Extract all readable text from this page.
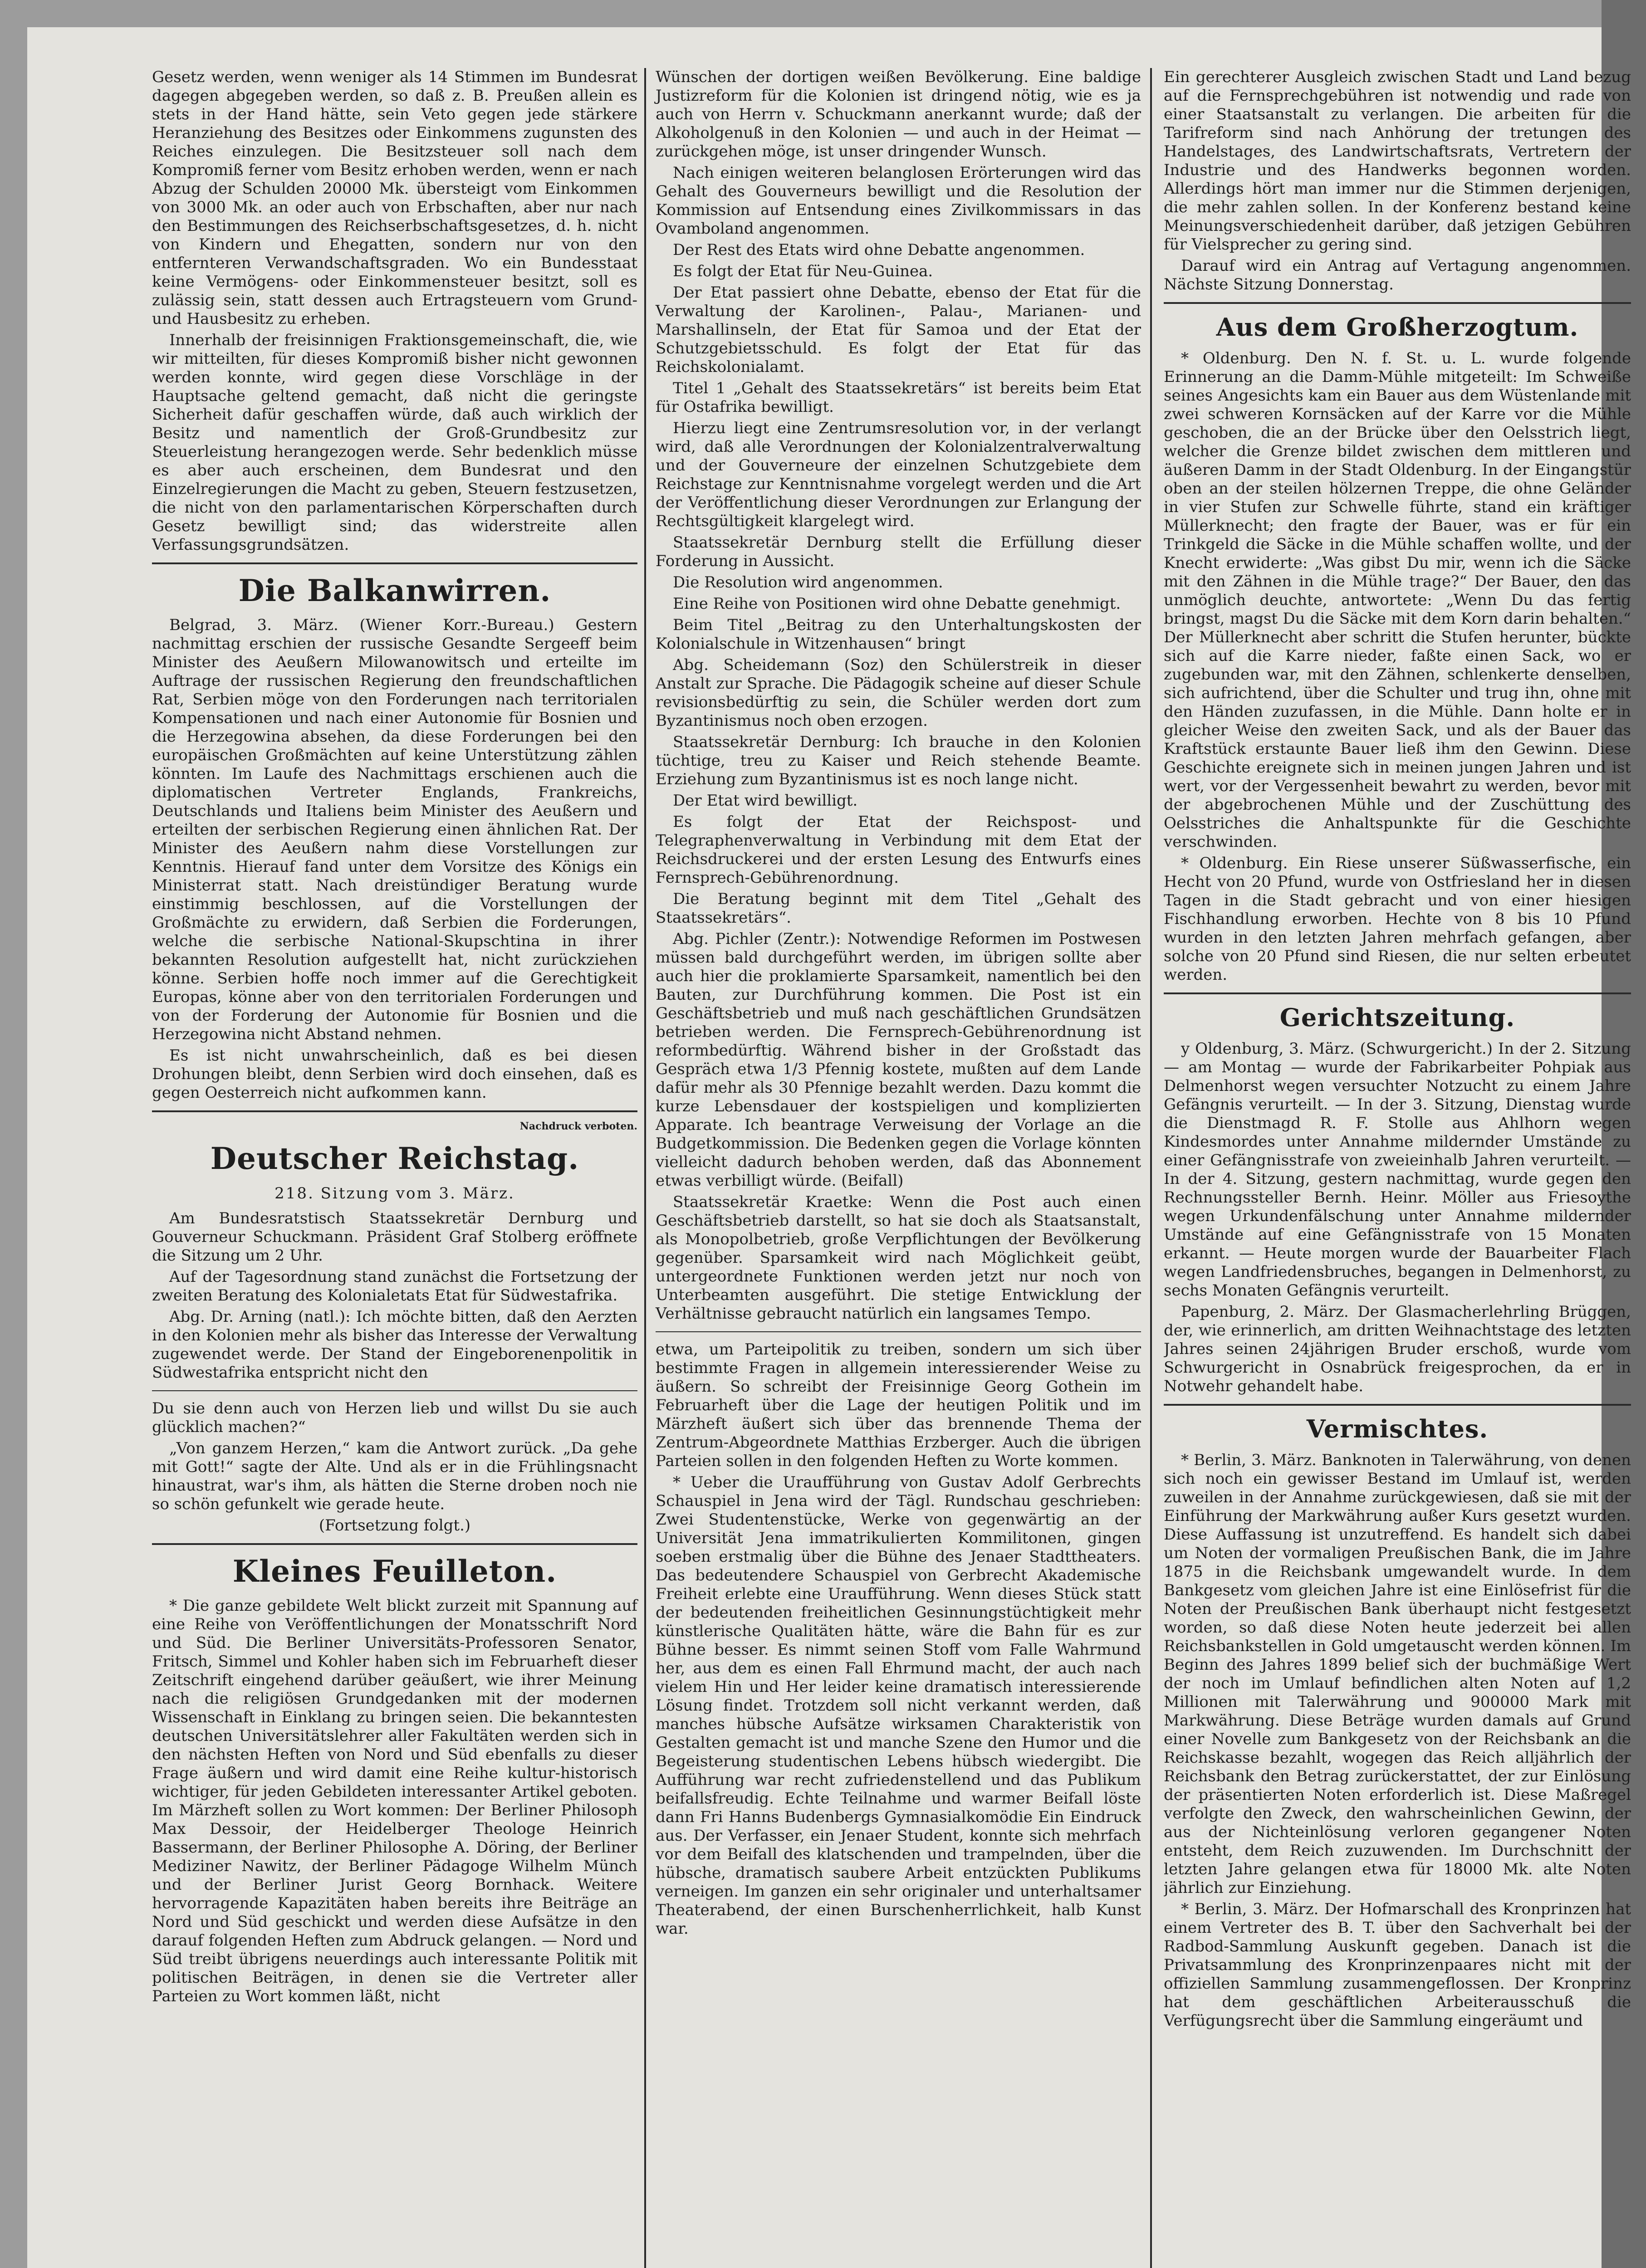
Gesetz werden, wenn weniger als 14 Stimmen im Bundesrat dagegen abgegeben werden, so daß z. B. Preußen allein es stets in der Hand hätte, sein Veto gegen jede stärkere Heranziehung des Besitzes oder Einkommens zugunsten des Reiches einzulegen. Die Besitzsteuer soll nach dem Kompromiß ferner vom Besitz erhoben werden, wenn er nach Abzug der Schulden 20000 Mk. übersteigt vom Einkommen von 3000 Mk. an oder auch von Erbschaften, aber nur nach den Bestimmungen des Reichserbschaftsgesetzes, d. h. nicht von Kindern und Ehegatten, sondern nur von den entfernteren Verwandschaftsgraden. Wo ein Bundesstaat keine Vermögens- oder Einkommensteuer besitzt, soll es zulässig sein, statt dessen auch Ertragsteuern vom Grund- und Hausbesitz zu erheben.

Innerhalb der freisinnigen Fraktionsgemeinschaft, die, wie wir mitteilten, für dieses Kompromiß bisher nicht gewonnen werden konnte, wird gegen diese Vorschläge in der Hauptsache geltend gemacht, daß nicht die geringste Sicherheit dafür geschaffen würde, daß auch wirklich der Besitz und namentlich der Groß-Grundbesitz zur Steuerleistung herangezogen werde. Sehr bedenklich müsse es aber auch erscheinen, dem Bundesrat und den Einzelregierungen die Macht zu geben, Steuern festzusetzen, die nicht von den parlamentarischen Körperschaften durch Gesetz bewilligt sind; das widerstreite allen Verfassungsgrundsätzen.

Die Balkanwirren.

Belgrad, 3. März. (Wiener Korr.-Bureau.) Gestern nachmittag erschien der russische Gesandte Sergeeff beim Minister des Aeußern Milowanowitsch und erteilte im Auftrage der russischen Regierung den freundschaftlichen Rat, Serbien möge von den Forderungen nach territorialen Kompensationen und nach einer Autonomie für Bosnien und die Herzegowina absehen, da diese Forderungen bei den europäischen Großmächten auf keine Unterstützung zählen könnten. Im Laufe des Nachmittags erschienen auch die diplomatischen Vertreter Englands, Frankreichs, Deutschlands und Italiens beim Minister des Aeußern und erteilten der serbischen Regierung einen ähnlichen Rat. Der Minister des Aeußern nahm diese Vorstellungen zur Kenntnis. Hierauf fand unter dem Vorsitze des Königs ein Ministerrat statt. Nach dreistündiger Beratung wurde einstimmig beschlossen, auf die Vorstellungen der Großmächte zu erwidern, daß Serbien die Forderungen, welche die serbische National-Skupschtina in ihrer bekannten Resolution aufgestellt hat, nicht zurückziehen könne. Serbien hoffe noch immer auf die Gerechtigkeit Europas, könne aber von den territorialen Forderungen und von der Forderung der Autonomie für Bosnien und die Herzegowina nicht Abstand nehmen.

Es ist nicht unwahrscheinlich, daß es bei diesen Drohungen bleibt, denn Serbien wird doch einsehen, daß es gegen Oesterreich nicht aufkommen kann.

Nachdruck verboten.
Deutscher Reichstag.
218. Sitzung vom 3. März.

Am Bundesratstisch Staatssekretär Dernburg und Gouverneur Schuckmann. Präsident Graf Stolberg eröffnete die Sitzung um 2 Uhr.

Auf der Tagesordnung stand zunächst die Fortsetzung der zweiten Beratung des Kolonialetats Etat für Südwestafrika.

Abg. Dr. Arning (natl.): Ich möchte bitten, daß den Aerzten in den Kolonien mehr als bisher das Interesse der Verwaltung zugewendet werde. Der Stand der Eingeborenenpolitik in Südwestafrika entspricht nicht den

Du sie denn auch von Herzen lieb und willst Du sie auch glücklich machen?“

„Von ganzem Herzen,“ kam die Antwort zurück. „Da gehe mit Gott!“ sagte der Alte. Und als er in die Frühlingsnacht hinaustrat, war's ihm, als hätten die Sterne droben noch nie so schön gefunkelt wie gerade heute.

(Fortsetzung folgt.)

Kleines Feuilleton.

* Die ganze gebildete Welt blickt zurzeit mit Spannung auf eine Reihe von Veröffentlichungen der Monatsschrift Nord und Süd. Die Berliner Universitäts-Professoren Senator, Fritsch, Simmel und Kohler haben sich im Februarheft dieser Zeitschrift eingehend darüber geäußert, wie ihrer Meinung nach die religiösen Grundgedanken mit der modernen Wissenschaft in Einklang zu bringen seien. Die bekanntesten deutschen Universitätslehrer aller Fakultäten werden sich in den nächsten Heften von Nord und Süd ebenfalls zu dieser Frage äußern und wird damit eine Reihe kultur-historisch wichtiger, für jeden Gebildeten interessanter Artikel geboten. Im Märzheft sollen zu Wort kommen: Der Berliner Philosoph Max Dessoir, der Heidelberger Theologe Heinrich Bassermann, der Berliner Philosophe A. Döring, der Berliner Mediziner Nawitz, der Berliner Pädagoge Wilhelm Münch und der Berliner Jurist Georg Bornhack. Weitere hervorragende Kapazitäten haben bereits ihre Beiträge an Nord und Süd geschickt und werden diese Aufsätze in den darauf folgenden Heften zum Abdruck gelangen. — Nord und Süd treibt übrigens neuerdings auch interessante Politik mit politischen Beiträgen, in denen sie die Vertreter aller Parteien zu Wort kommen läßt, nicht

Wünschen der dortigen weißen Bevölkerung. Eine baldige Justizreform für die Kolonien ist dringend nötig, wie es ja auch von Herrn v. Schuckmann anerkannt wurde; daß der Alkoholgenuß in den Kolonien — und auch in der Heimat — zurückgehen möge, ist unser dringender Wunsch.

Nach einigen weiteren belanglosen Erörterungen wird das Gehalt des Gouverneurs bewilligt und die Resolution der Kommission auf Entsendung eines Zivilkommissars in das Ovamboland angenommen.

Der Rest des Etats wird ohne Debatte angenommen.

Es folgt der Etat für Neu-Guinea.

Der Etat passiert ohne Debatte, ebenso der Etat für die Verwaltung der Karolinen-, Palau-, Marianen- und Marshallinseln, der Etat für Samoa und der Etat der Schutzgebietsschuld. Es folgt der Etat für das Reichskolonialamt.

Titel 1 „Gehalt des Staatssekretärs“ ist bereits beim Etat für Ostafrika bewilligt.

Hierzu liegt eine Zentrumsresolution vor, in der verlangt wird, daß alle Verordnungen der Kolonialzentralverwaltung und der Gouverneure der einzelnen Schutzgebiete dem Reichstage zur Kenntnisnahme vorgelegt werden und die Art der Veröffentlichung dieser Verordnungen zur Erlangung der Rechtsgültigkeit klargelegt wird.

Staatssekretär Dernburg stellt die Erfüllung dieser Forderung in Aussicht.

Die Resolution wird angenommen.

Eine Reihe von Positionen wird ohne Debatte genehmigt.

Beim Titel „Beitrag zu den Unterhaltungskosten der Kolonialschule in Witzenhausen“ bringt

Abg. Scheidemann (Soz) den Schülerstreik in dieser Anstalt zur Sprache. Die Pädagogik scheine auf dieser Schule revisionsbedürftig zu sein, die Schüler werden dort zum Byzantinismus noch oben erzogen.

Staatssekretär Dernburg: Ich brauche in den Kolonien tüchtige, treu zu Kaiser und Reich stehende Beamte. Erziehung zum Byzantinismus ist es noch lange nicht.

Der Etat wird bewilligt.

Es folgt der Etat der Reichspost- und Telegraphenverwaltung in Verbindung mit dem Etat der Reichsdruckerei und der ersten Lesung des Entwurfs eines Fernsprech-Gebührenordnung.

Die Beratung beginnt mit dem Titel „Gehalt des Staatssekretärs“.

Abg. Pichler (Zentr.): Notwendige Reformen im Postwesen müssen bald durchgeführt werden, im übrigen sollte aber auch hier die proklamierte Sparsamkeit, namentlich bei den Bauten, zur Durchführung kommen. Die Post ist ein Geschäftsbetrieb und muß nach geschäftlichen Grundsätzen betrieben werden. Die Fernsprech-Gebührenordnung ist reformbedürftig. Während bisher in der Großstadt das Gespräch etwa 1/3 Pfennig kostete, mußten auf dem Lande dafür mehr als 30 Pfennige bezahlt werden. Dazu kommt die kurze Lebensdauer der kostspieligen und komplizierten Apparate. Ich beantrage Verweisung der Vorlage an die Budgetkommission. Die Bedenken gegen die Vorlage könnten vielleicht dadurch behoben werden, daß das Abonnement etwas verbilligt würde. (Beifall)

Staatssekretär Kraetke: Wenn die Post auch einen Geschäftsbetrieb darstellt, so hat sie doch als Staatsanstalt, als Monopolbetrieb, große Verpflichtungen der Bevölkerung gegenüber. Sparsamkeit wird nach Möglichkeit geübt, untergeordnete Funktionen werden jetzt nur noch von Unterbeamten ausgeführt. Die stetige Entwicklung der Verhältnisse gebraucht natürlich ein langsames Tempo.

etwa, um Parteipolitik zu treiben, sondern um sich über bestimmte Fragen in allgemein interessierender Weise zu äußern. So schreibt der Freisinnige Georg Gothein im Februarheft über die Lage der heutigen Politik und im Märzheft äußert sich über das brennende Thema der Zentrum-Abgeordnete Matthias Erzberger. Auch die übrigen Parteien sollen in den folgenden Heften zu Worte kommen.

* Ueber die Uraufführung von Gustav Adolf Gerbrechts Schauspiel in Jena wird der Tägl. Rundschau geschrieben: Zwei Studentenstücke, Werke von gegenwärtig an der Universität Jena immatrikulierten Kommilitonen, gingen soeben erstmalig über die Bühne des Jenaer Stadttheaters. Das bedeutendere Schauspiel von Gerbrecht Akademische Freiheit erlebte eine Uraufführung. Wenn dieses Stück statt der bedeutenden freiheitlichen Gesinnungstüchtigkeit mehr künstlerische Qualitäten hätte, wäre die Bahn für es zur Bühne besser. Es nimmt seinen Stoff vom Falle Wahrmund her, aus dem es einen Fall Ehrmund macht, der auch nach vielem Hin und Her leider keine dramatisch interessierende Lösung findet. Trotzdem soll nicht verkannt werden, daß manches hübsche Aufsätze wirksamen Charakteristik von Gestalten gemacht ist und manche Szene den Humor und die Begeisterung studentischen Lebens hübsch wiedergibt. Die Aufführung war recht zufriedenstellend und das Publikum beifallsfreudig. Echte Teilnahme und warmer Beifall löste dann Fri Hanns Budenbergs Gymnasialkomödie Ein Eindruck aus. Der Verfasser, ein Jenaer Student, konnte sich mehrfach vor dem Beifall des klatschenden und trampelnden, über die hübsche, dramatisch saubere Arbeit entzückten Publikums verneigen. Im ganzen ein sehr originaler und unterhaltsamer Theaterabend, der einen Burschenherrlichkeit, halb Kunst war.

Ein gerechterer Ausgleich zwischen Stadt und Land bezug auf die Fernsprechgebühren ist notwendig und rade von einer Staatsanstalt zu verlangen. Die arbeiten für die Tarifreform sind nach Anhörung der tretungen des Handelstages, des Landwirtschaftsrats, Vertretern der Industrie und des Handwerks begonnen worden. Allerdings hört man immer nur die Stimmen derjenigen, die mehr zahlen sollen. In der Konferenz bestand keine Meinungsverschiedenheit darüber, daß jetzigen Gebühren für Vielsprecher zu gering sind.

Darauf wird ein Antrag auf Vertagung angenommen. Nächste Sitzung Donnerstag.

Aus dem Großherzogtum.

* Oldenburg. Den N. f. St. u. L. wurde folgende Erinnerung an die Damm-Mühle mitgeteilt: Im Schweiße seines Angesichts kam ein Bauer aus dem Wüstenlande mit zwei schweren Kornsäcken auf der Karre vor die Mühle geschoben, die an der Brücke über den Oelsstrich liegt, welcher die Grenze bildet zwischen dem mittleren und äußeren Damm in der Stadt Oldenburg. In der Eingangstür oben an der steilen hölzernen Treppe, die ohne Geländer in vier Stufen zur Schwelle führte, stand ein kräftiger Müllerknecht; den fragte der Bauer, was er für ein Trinkgeld die Säcke in die Mühle schaffen wollte, und der Knecht erwiderte: „Was gibst Du mir, wenn ich die Säcke mit den Zähnen in die Mühle trage?“ Der Bauer, den das unmöglich deuchte, antwortete: „Wenn Du das fertig bringst, magst Du die Säcke mit dem Korn darin behalten.“ Der Müllerknecht aber schritt die Stufen herunter, bückte sich auf die Karre nieder, faßte einen Sack, wo er zugebunden war, mit den Zähnen, schlenkerte denselben, sich aufrichtend, über die Schulter und trug ihn, ohne mit den Händen zuzufassen, in die Mühle. Dann holte er in gleicher Weise den zweiten Sack, und als der Bauer das Kraftstück erstaunte Bauer ließ ihm den Gewinn. Diese Geschichte ereignete sich in meinen jungen Jahren und ist wert, vor der Vergessenheit bewahrt zu werden, bevor mit der abgebrochenen Mühle und der Zuschüttung des Oelsstriches die Anhaltspunkte für die Geschichte verschwinden.

* Oldenburg. Ein Riese unserer Süßwasserfische, ein Hecht von 20 Pfund, wurde von Ostfriesland her in diesen Tagen in die Stadt gebracht und von einer hiesigen Fischhandlung erworben. Hechte von 8 bis 10 Pfund wurden in den letzten Jahren mehrfach gefangen, aber solche von 20 Pfund sind Riesen, die nur selten erbeutet werden.

Gerichtszeitung.

y Oldenburg, 3. März. (Schwurgericht.) In der 2. Sitzung — am Montag — wurde der Fabrikarbeiter Pohpiak aus Delmenhorst wegen versuchter Notzucht zu einem Jahre Gefängnis verurteilt. — In der 3. Sitzung, Dienstag wurde die Dienstmagd R. F. Stolle aus Ahlhorn wegen Kindesmordes unter Annahme mildernder Umstände zu einer Gefängnisstrafe von zweieinhalb Jahren verurteilt. — In der 4. Sitzung, gestern nachmittag, wurde gegen den Rechnungssteller Bernh. Heinr. Möller aus Friesoythe wegen Urkundenfälschung unter Annahme mildernder Umstände auf eine Gefängnisstrafe von 15 Monaten erkannt. — Heute morgen wurde der Bauarbeiter Flach wegen Landfriedensbruches, begangen in Delmenhorst, zu sechs Monaten Gefängnis verurteilt.

Papenburg, 2. März. Der Glasmacherlehrling Brüggen, der, wie erinnerlich, am dritten Weihnachtstage des letzten Jahres seinen 24jährigen Bruder erschoß, wurde vom Schwurgericht in Osnabrück freigesprochen, da er in Notwehr gehandelt habe.

Vermischtes.

* Berlin, 3. März. Banknoten in Talerwährung, von denen sich noch ein gewisser Bestand im Umlauf ist, werden zuweilen in der Annahme zurückgewiesen, daß sie mit der Einführung der Markwährung außer Kurs gesetzt wurden. Diese Auffassung ist unzutreffend. Es handelt sich dabei um Noten der vormaligen Preußischen Bank, die im Jahre 1875 in die Reichsbank umgewandelt wurde. In dem Bankgesetz vom gleichen Jahre ist eine Einlösefrist für die Noten der Preußischen Bank überhaupt nicht festgesetzt worden, so daß diese Noten heute jederzeit bei allen Reichsbankstellen in Gold umgetauscht werden können. Im Beginn des Jahres 1899 belief sich der buchmäßige Wert der noch im Umlauf befindlichen alten Noten auf 1,2 Millionen mit Talerwährung und 900000 Mark mit Markwährung. Diese Beträge wurden damals auf Grund einer Novelle zum Bankgesetz von der Reichsbank an die Reichskasse bezahlt, wogegen das Reich alljährlich der Reichsbank den Betrag zurückerstattet, der zur Einlösung der präsentierten Noten erforderlich ist. Diese Maßregel verfolgte den Zweck, den wahrscheinlichen Gewinn, der aus der Nichteinlösung verloren gegangener Noten entsteht, dem Reich zuzuwenden. Im Durchschnitt der letzten Jahre gelangen etwa für 18000 Mk. alte Noten jährlich zur Einziehung.

* Berlin, 3. März. Der Hofmarschall des Kronprinzen hat einem Vertreter des B. T. über den Sachverhalt bei der Radbod-Sammlung Auskunft gegeben. Danach ist die Privatsammlung des Kronprinzenpaares nicht mit der offiziellen Sammlung zusammengeflossen. Der Kronprinz hat dem geschäftlichen Arbeiterausschuß die Verfügungsrecht über die Sammlung eingeräumt und
